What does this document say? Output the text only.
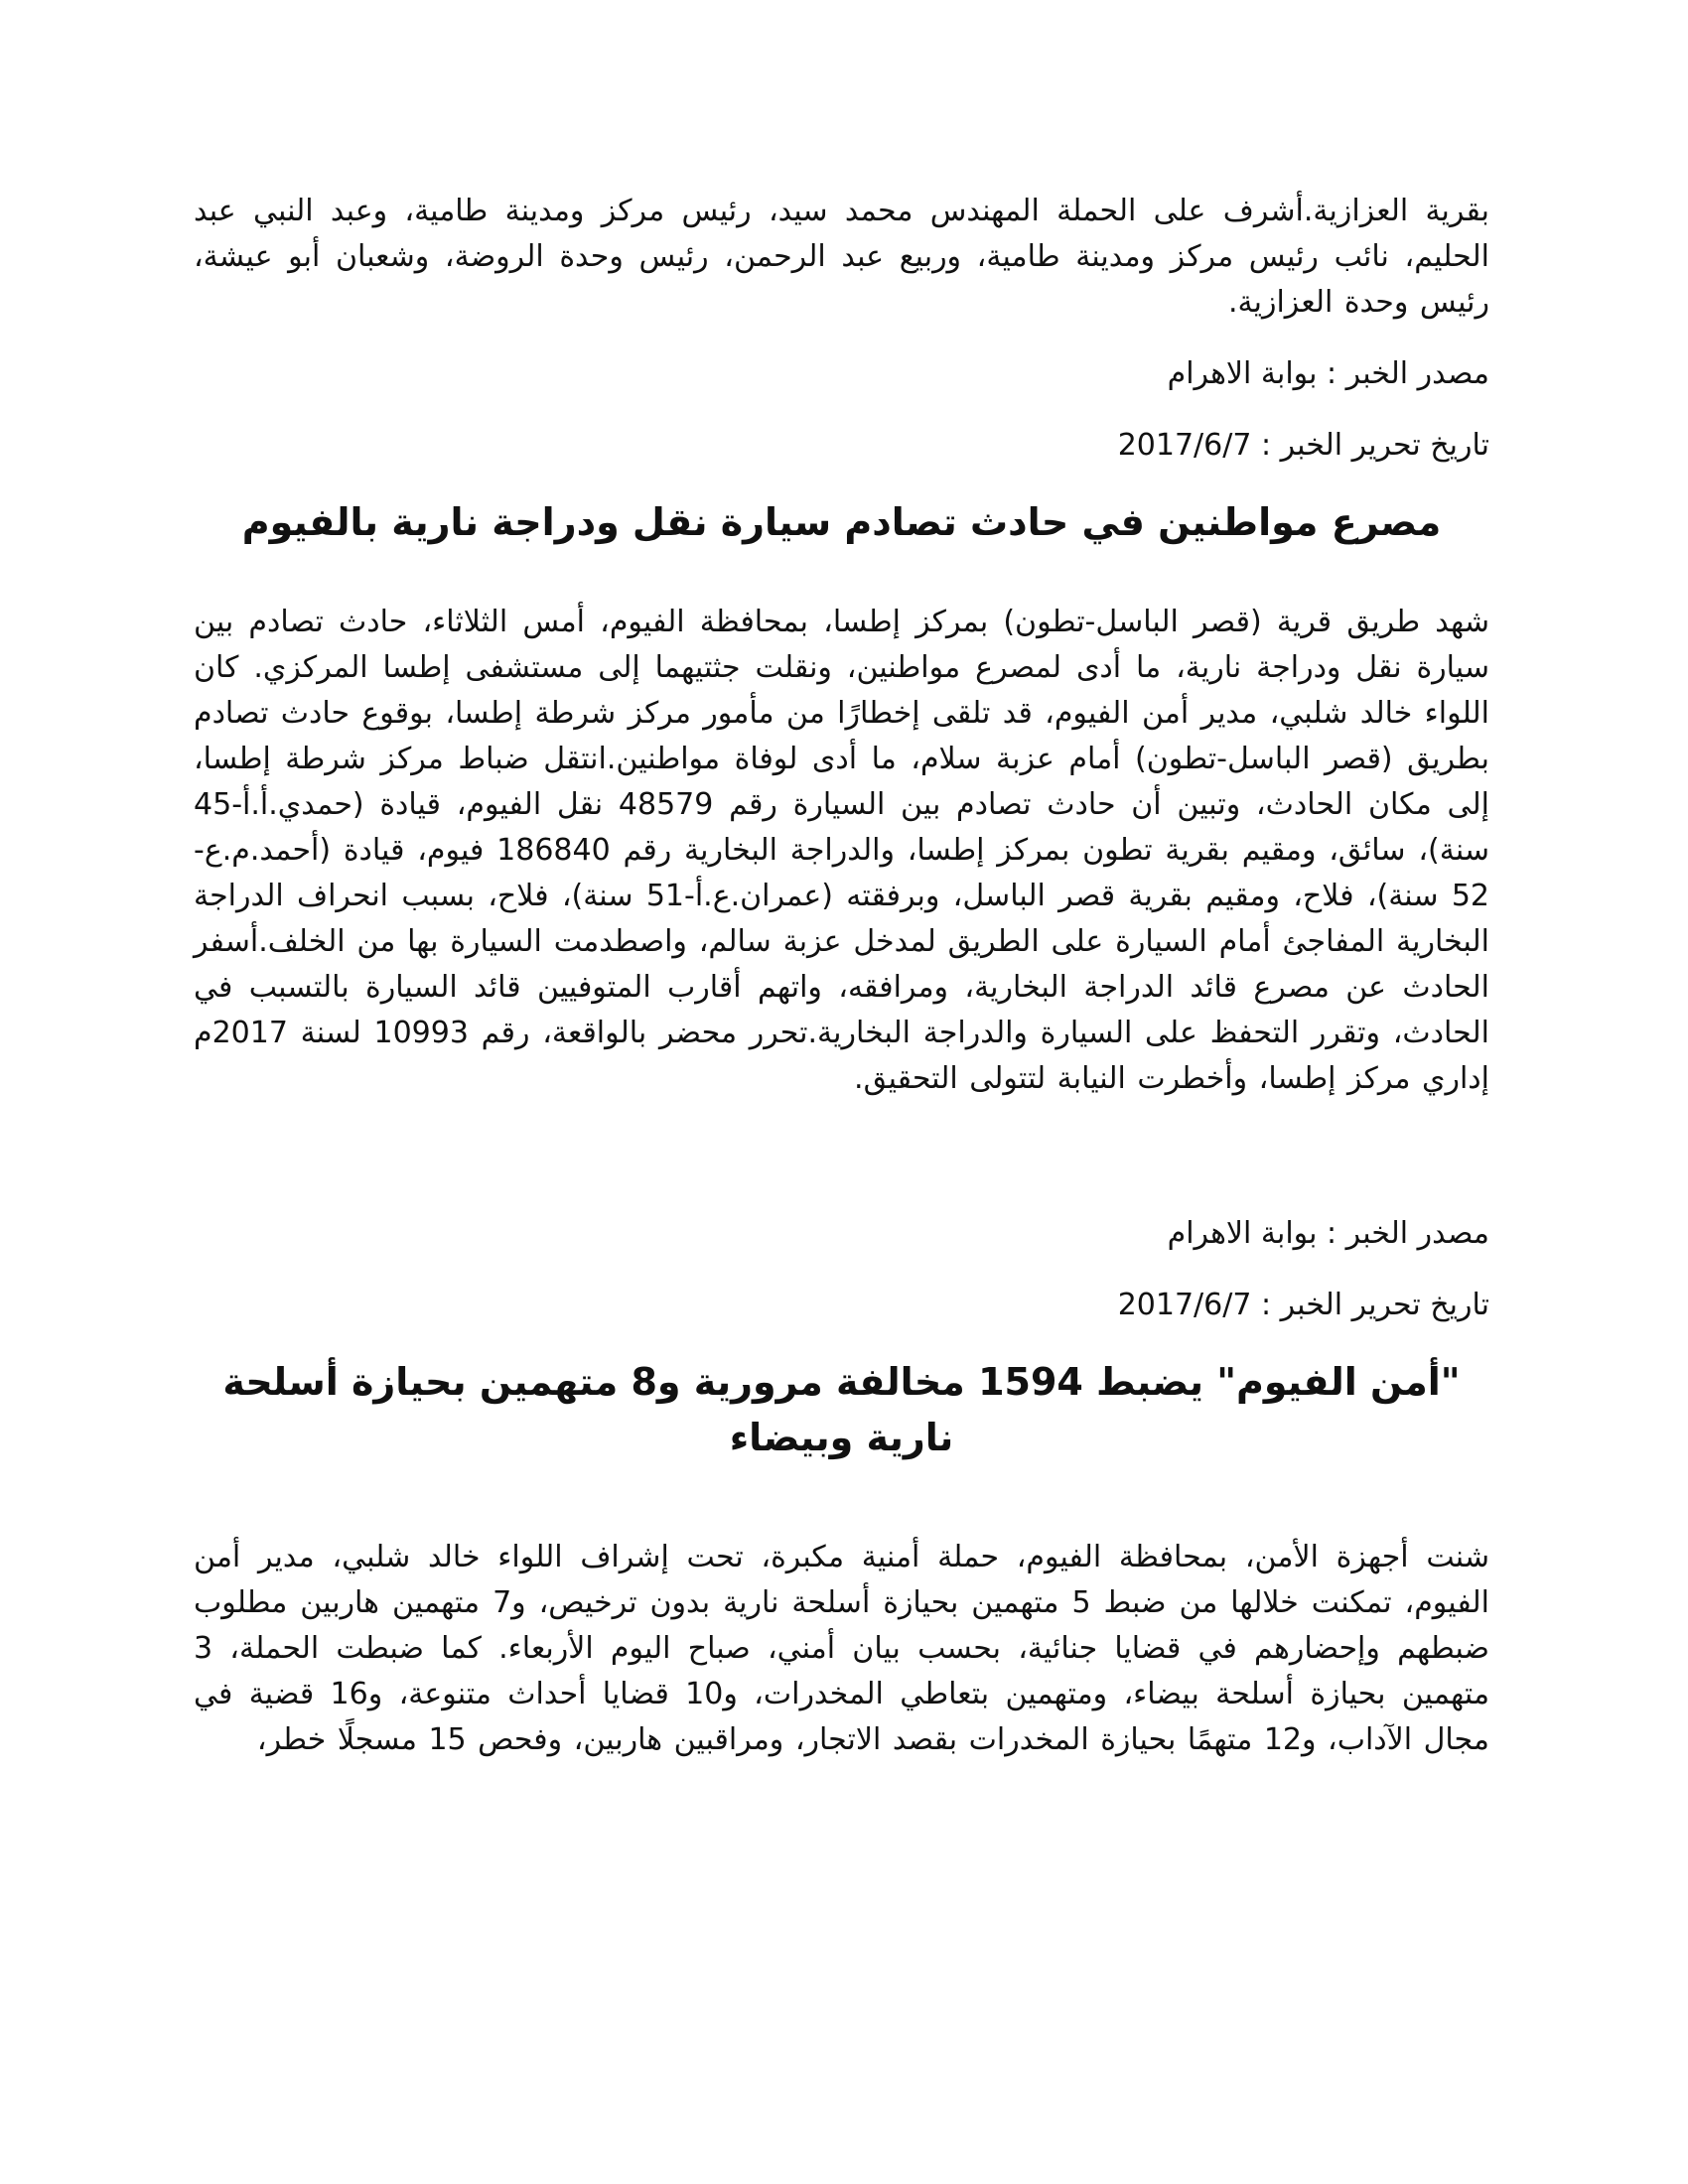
بقرية العزازية.أشرف على الحملة المهندس محمد سيد، رئيس مركز ومدينة طامية، وعبد النبي عبد الحليم، نائب رئيس مركز ومدينة طامية، وربيع عبد الرحمن، رئيس وحدة الروضة، وشعبان أبو عيشة، رئيس وحدة العزازية.

مصدر الخبر : بوابة الاهرام

تاريخ تحرير الخبر : 2017/6/7

مصرع مواطنين في حادث تصادم سيارة نقل ودراجة نارية بالفيوم

شهد طريق قرية (قصر الباسل-تطون) بمركز إطسا، بمحافظة الفيوم، أمس الثلاثاء، حادث تصادم بين سيارة نقل ودراجة نارية، ما أدى لمصرع مواطنين، ونقلت جثتيهما إلى مستشفى إطسا المركزي. كان اللواء خالد شلبي، مدير أمن الفيوم، قد تلقى إخطارًا من مأمور مركز شرطة إطسا، بوقوع حادث تصادم بطريق (قصر الباسل-تطون) أمام عزبة سلام، ما أدى لوفاة مواطنين.انتقل ضباط مركز شرطة إطسا، إلى مكان الحادث، وتبين أن حادث تصادم بين السيارة رقم 48579 نقل الفيوم، قيادة (حمدي.أ.أ-45 سنة)، سائق، ومقيم بقرية تطون بمركز إطسا، والدراجة البخارية رقم 186840 فيوم، قيادة (أحمد.م.ع- 52 سنة)، فلاح، ومقيم بقرية قصر الباسل، وبرفقته (عمران.ع.أ-51 سنة)، فلاح، بسبب انحراف الدراجة البخارية المفاجئ أمام السيارة على الطريق لمدخل عزبة سالم، واصطدمت السيارة بها من الخلف.أسفر الحادث عن مصرع قائد الدراجة البخارية، ومرافقه، واتهم أقارب المتوفيين قائد السيارة بالتسبب في الحادث، وتقرر التحفظ على السيارة والدراجة البخارية.تحرر محضر بالواقعة، رقم 10993 لسنة 2017م إداري مركز إطسا، وأخطرت النيابة لتتولى التحقيق.

مصدر الخبر : بوابة الاهرام

تاريخ تحرير الخبر : 2017/6/7

"أمن الفيوم" يضبط 1594 مخالفة مرورية و8 متهمين بحيازة أسلحة نارية وبيضاء

شنت أجهزة الأمن، بمحافظة الفيوم، حملة أمنية مكبرة، تحت إشراف اللواء خالد شلبي، مدير أمن الفيوم، تمكنت خلالها من ضبط 5 متهمين بحيازة أسلحة نارية بدون ترخيص، و7 متهمين هاربين مطلوب ضبطهم وإحضارهم في قضايا جنائية، بحسب بيان أمني، صباح اليوم الأربعاء. كما ضبطت الحملة، 3 متهمين بحيازة أسلحة بيضاء، ومتهمين بتعاطي المخدرات، و10 قضايا أحداث متنوعة، و16 قضية في مجال الآداب، و12 متهمًا بحيازة المخدرات بقصد الاتجار، ومراقبين هاربين، وفحص 15 مسجلًا خطر،
